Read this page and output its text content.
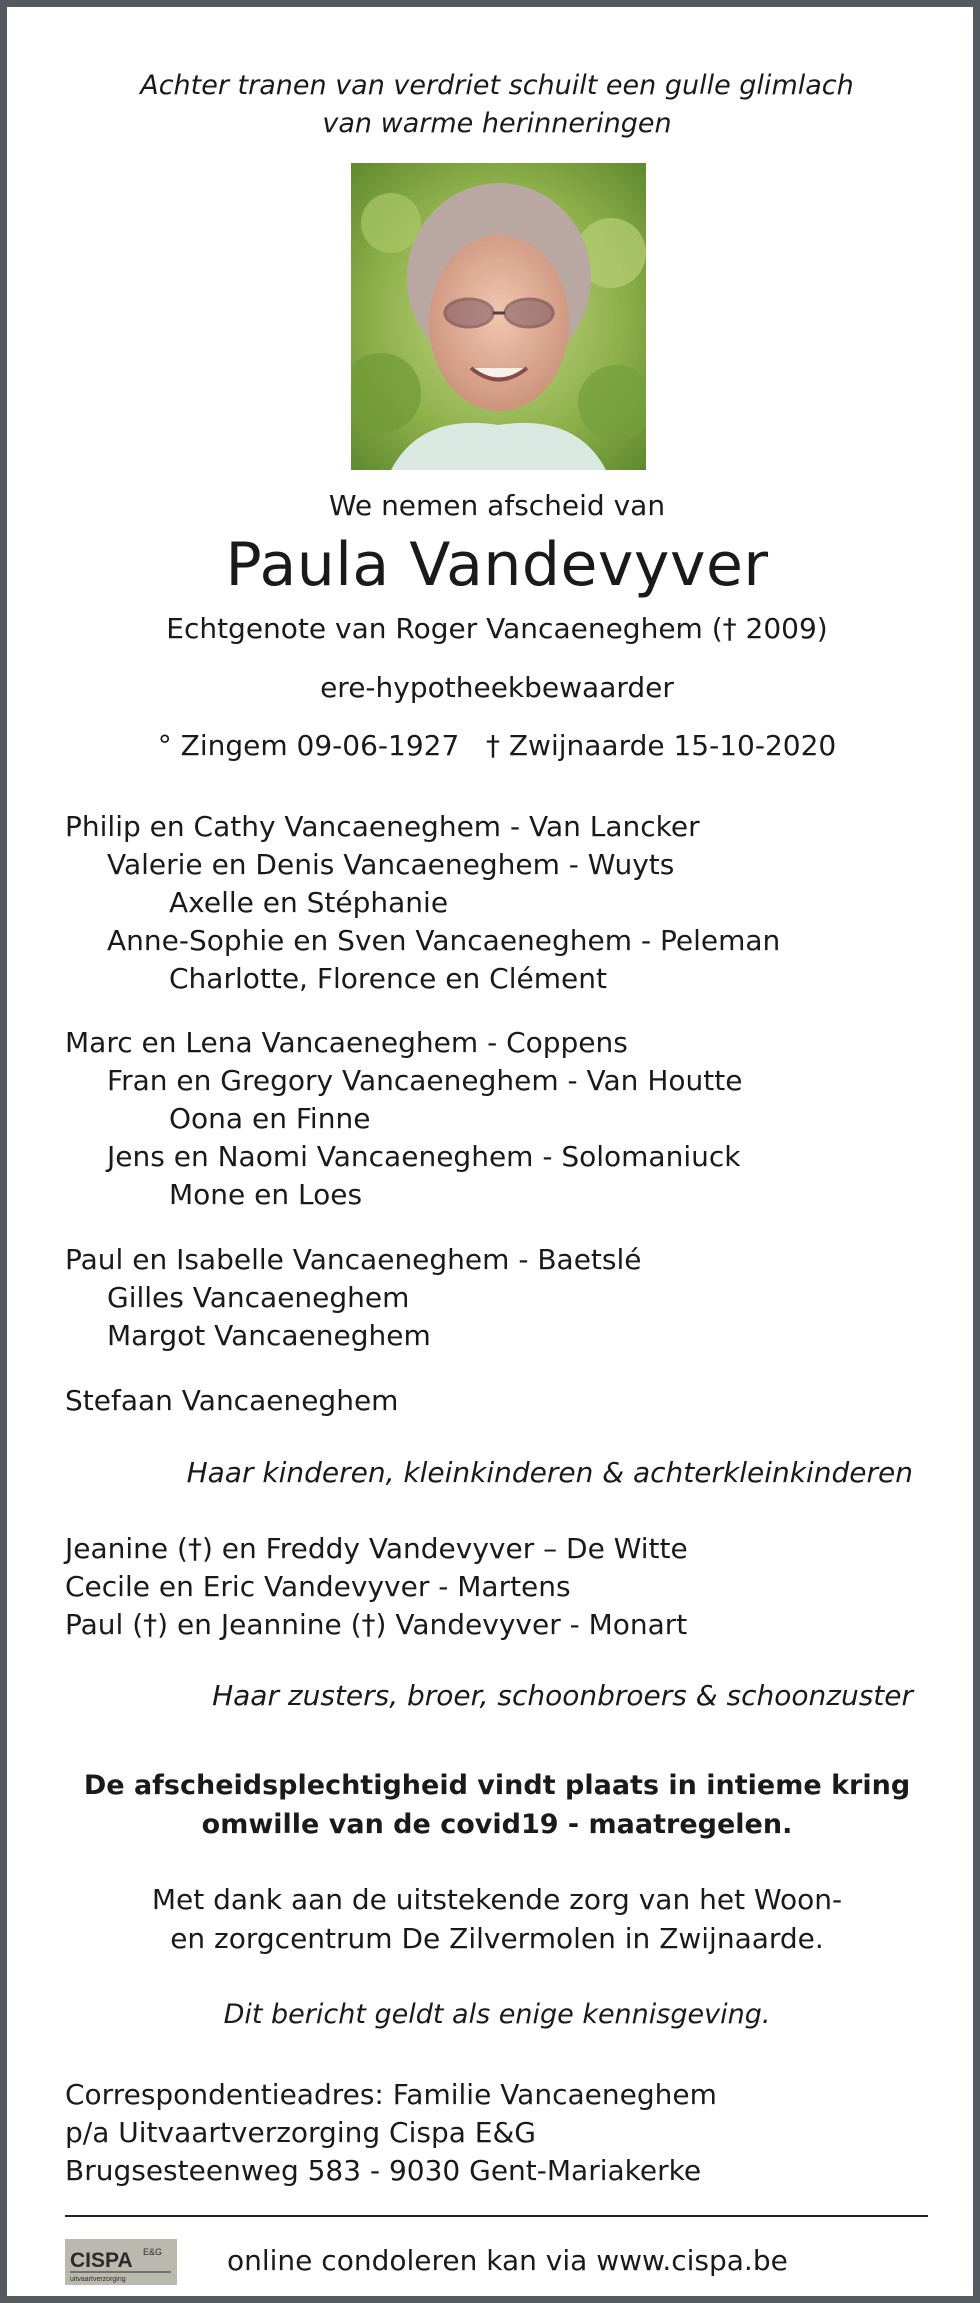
Achter tranen van verdriet schuilt een gulle glimlach
van warme herinneringen
We nemen afscheid van
Paula Vandevyver
Echtgenote van Roger Vancaeneghem († 2009)
ere-hypotheekbewaarder
° Zingem 09-06-1927   † Zwijnaarde 15-10-2020
Philip en Cathy Vancaeneghem - Van Lancker
Valerie en Denis Vancaeneghem - Wuyts
Axelle en Stéphanie
Anne-Sophie en Sven Vancaeneghem - Peleman
Charlotte, Florence en Clément
Marc en Lena Vancaeneghem - Coppens
Fran en Gregory Vancaeneghem - Van Houtte
Oona en Finne
Jens en Naomi Vancaeneghem - Solomaniuck
Mone en Loes
Paul en Isabelle Vancaeneghem - Baetslé
Gilles Vancaeneghem
Margot Vancaeneghem
Stefaan Vancaeneghem
Haar kinderen, kleinkinderen & achterkleinkinderen
Jeanine (†) en Freddy Vandevyver – De Witte
Cecile en Eric Vandevyver - Martens
Paul (†) en Jeannine (†) Vandevyver - Monart
Haar zusters, broer, schoonbroers & schoonzuster
De afscheidsplechtigheid vindt plaats in intieme kring
omwille van de covid19 - maatregelen.
Met dank aan de uitstekende zorg van het Woon-
en zorgcentrum De Zilvermolen in Zwijnaarde.
Dit bericht geldt als enige kennisgeving.
Correspondentieadres: Familie Vancaeneghem
p/a Uitvaartverzorging Cispa E&G
Brugsesteenweg 583 - 9030 Gent-Mariakerke
CISPA E&G
uitvaartverzorging
online condoleren kan via www.cispa.be
